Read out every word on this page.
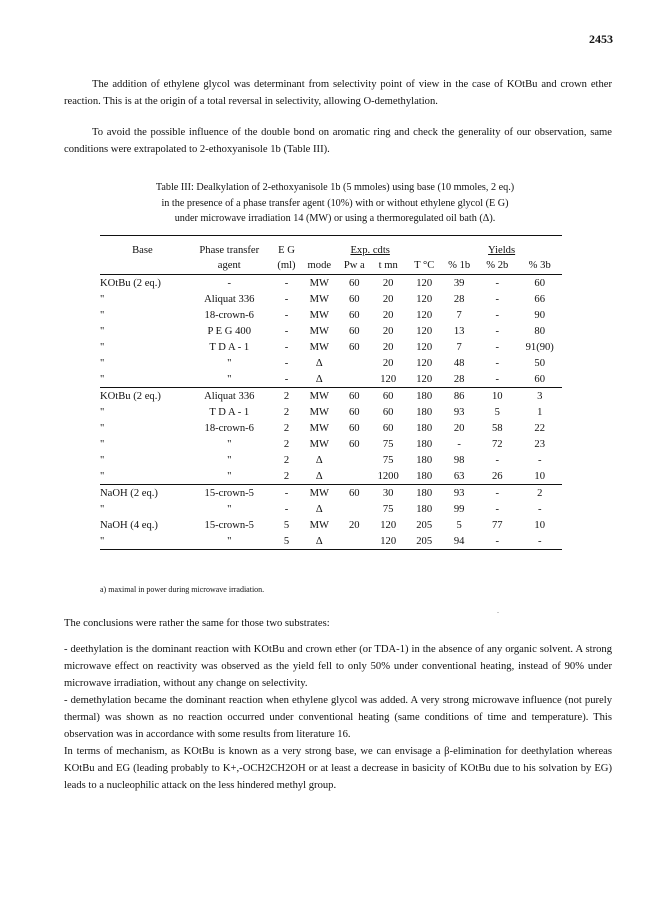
2453
The addition of ethylene glycol was determinant from selectivity point of view in the case of KOtBu and crown ether reaction. This is at the origin of a total reversal in selectivity, allowing O-demethylation.
To avoid the possible influence of the double bond on aromatic ring and check the generality of our observation, same conditions were extrapolated to 2-ethoxyanisole 1b (Table III).

Table III: Dealkylation of 2-ethoxyanisole 1b (5 mmoles) using base (10 mmoles, 2 eq.)

in the presence of a phase transfer agent (10%) with or without ethylene glycol (E G)

under microwave irradiation 14 (MW) or using a thermoregulated oil bath (Δ).

Base	Phase transfer	E G	Exp. cdts				Yields		
	agent	(ml)	mode	Pw a	t mn	T °C	% 1b	% 2b	% 3b
KOtBu (2 eq.)	-	-	MW	60	20	120	39	-	60
"	Aliquat 336	-	MW	60	20	120	28	-	66
"	18-crown-6	-	MW	60	20	120	7	-	90
"	P E G 400	-	MW	60	20	120	13	-	80
"	T D A - 1	-	MW	60	20	120	7	-	91(90)
"	"	-	Δ		20	120	48	-	50
"	"	-	Δ		120	120	28	-	60
KOtBu (2 eq.)	Aliquat 336	2	MW	60	60	180	86	10	3
"	T D A - 1	2	MW	60	60	180	93	5	1
"	18-crown-6	2	MW	60	60	180	20	58	22
"	"	2	MW	60	75	180	-	72	23
"	"	2	Δ		75	180	98	-	-
"	"	2	Δ		1200	180	63	26	10
NaOH (2 eq.)	15-crown-5	-	MW	60	30	180	93	-	2
"	"	-	Δ		75	180	99	-	-
NaOH (4 eq.)	15-crown-5	5	MW	20	120	205	5	77	10
"	"	5	Δ		120	205	94	-	-
a) maximal in power during microwave irradiation.
.

The conclusions were rather the same for those two substrates:

- deethylation is the dominant reaction with KOtBu and crown ether (or TDA-1) in the absence of any organic solvent. A strong microwave effect on reactivity was observed as the yield fell to only 50% under conventional heating, instead of 90% under microwave irradiation, without any change on selectivity.

- demethylation became the dominant reaction when ethylene glycol was added. A very strong microwave influence (not purely thermal) was shown as no reaction occurred under conventional heating (same conditions of time and temperature). This observation was in accordance with some results from literature 16.

In terms of mechanism, as KOtBu is known as a very strong base, we can envisage a β-elimination for deethylation whereas KOtBu and EG (leading probably to K+,-OCH2CH2OH or at least a decrease in basicity of KOtBu due to his solvation by EG) leads to a nucleophilic attack on the less hindered methyl group.
